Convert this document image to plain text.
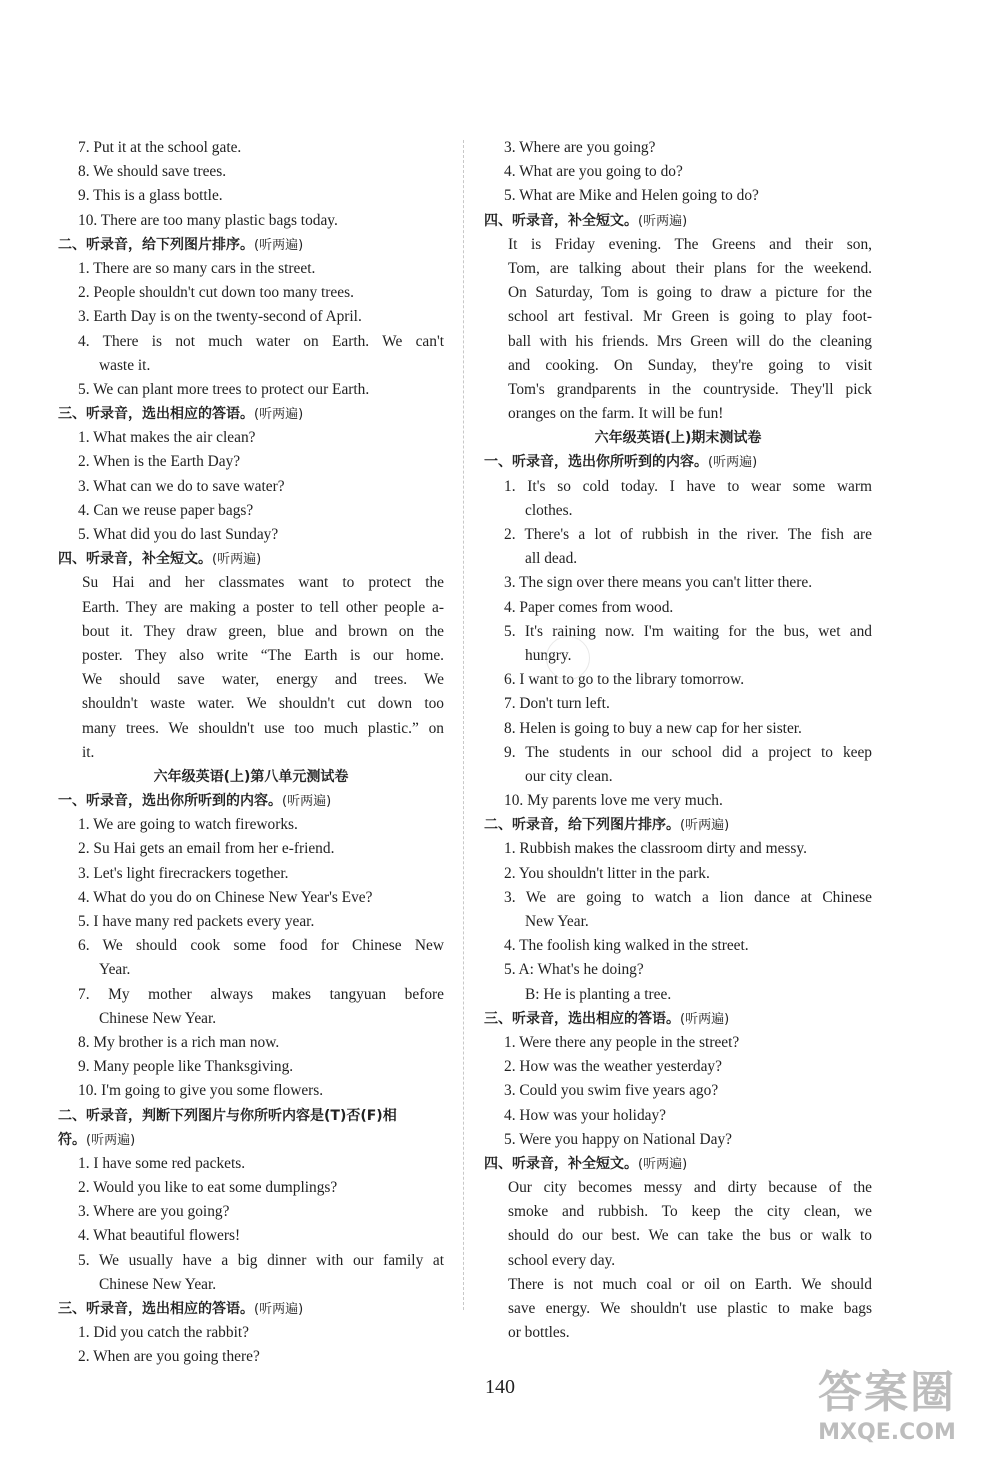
7. Put it at the school gate.
8. We should save trees.
9. This is a glass bottle.
10. There are too many plastic bags today.
二、听录音，给下列图片排序。(听两遍)
1. There are so many cars in the street.
2. People shouldn't cut down too many trees.
3. Earth Day is on the twenty-second of April.
4. There is not much water on Earth. We can't
waste it.
5. We can plant more trees to protect our Earth.
三、听录音，选出相应的答语。(听两遍)
1. What makes the air clean?
2. When is the Earth Day?
3. What can we do to save water?
4. Can we reuse paper bags?
5. What did you do last Sunday?
四、听录音，补全短文。(听两遍)
Su Hai and her classmates want to protect the
Earth. They are making a poster to tell other people a-
bout it. They draw green, blue and brown on the
poster. They also write “The Earth is our home.
We should save water, energy and trees. We
shouldn't waste water. We shouldn't cut down too
many trees. We shouldn't use too much plastic.” on
it.
六年级英语(上)第八单元测试卷
一、听录音，选出你所听到的内容。(听两遍)
1. We are going to watch fireworks.
2. Su Hai gets an email from her e-friend.
3. Let's light firecrackers together.
4. What do you do on Chinese New Year's Eve?
5. I have many red packets every year.
6. We should cook some food for Chinese New
Year.
7. My mother always makes tangyuan before
Chinese New Year.
8. My brother is a rich man now.
9. Many people like Thanksgiving.
10. I'm going to give you some flowers.
二、听录音，判断下列图片与你所听内容是(T)否(F)相
符。(听两遍)
1. I have some red packets.
2. Would you like to eat some dumplings?
3. Where are you going?
4. What beautiful flowers!
5. We usually have a big dinner with our family at
Chinese New Year.
三、听录音，选出相应的答语。(听两遍)
1. Did you catch the rabbit?
2. When are you going there?
3. Where are you going?
4. What are you going to do?
5. What are Mike and Helen going to do?
四、听录音，补全短文。(听两遍)
It is Friday evening. The Greens and their son,
Tom, are talking about their plans for the weekend.
On Saturday, Tom is going to draw a picture for the
school art festival. Mr Green is going to play foot-
ball with his friends. Mrs Green will do the cleaning
and cooking. On Sunday, they're going to visit
Tom's grandparents in the countryside. They'll pick
oranges on the farm. It will be fun!
六年级英语(上)期末测试卷
一、听录音，选出你所听到的内容。(听两遍)
1. It's so cold today. I have to wear some warm
clothes.
2. There's a lot of rubbish in the river. The fish are
all dead.
3. The sign over there means you can't litter there.
4. Paper comes from wood.
5. It's raining now. I'm waiting for the bus, wet and
hungry.
6. I want to go to the library tomorrow.
7. Don't turn left.
8. Helen is going to buy a new cap for her sister.
9. The students in our school did a project to keep
our city clean.
10. My parents love me very much.
二、听录音，给下列图片排序。(听两遍)
1. Rubbish makes the classroom dirty and messy.
2. You shouldn't litter in the park.
3. We are going to watch a lion dance at Chinese
New Year.
4. The foolish king walked in the street.
5. A: What's he doing?
B: He is planting a tree.
三、听录音，选出相应的答语。(听两遍)
1. Were there any people in the street?
2. How was the weather yesterday?
3. Could you swim five years ago?
4. How was your holiday?
5. Were you happy on National Day?
四、听录音，补全短文。(听两遍)
Our city becomes messy and dirty because of the
smoke and rubbish. To keep the city clean, we
should do our best. We can take the bus or walk to
school every day.
There is not much coal or oil on Earth. We should
save energy. We shouldn't use plastic to make bags
or bottles.
140	答案圈
MXQE.COM
